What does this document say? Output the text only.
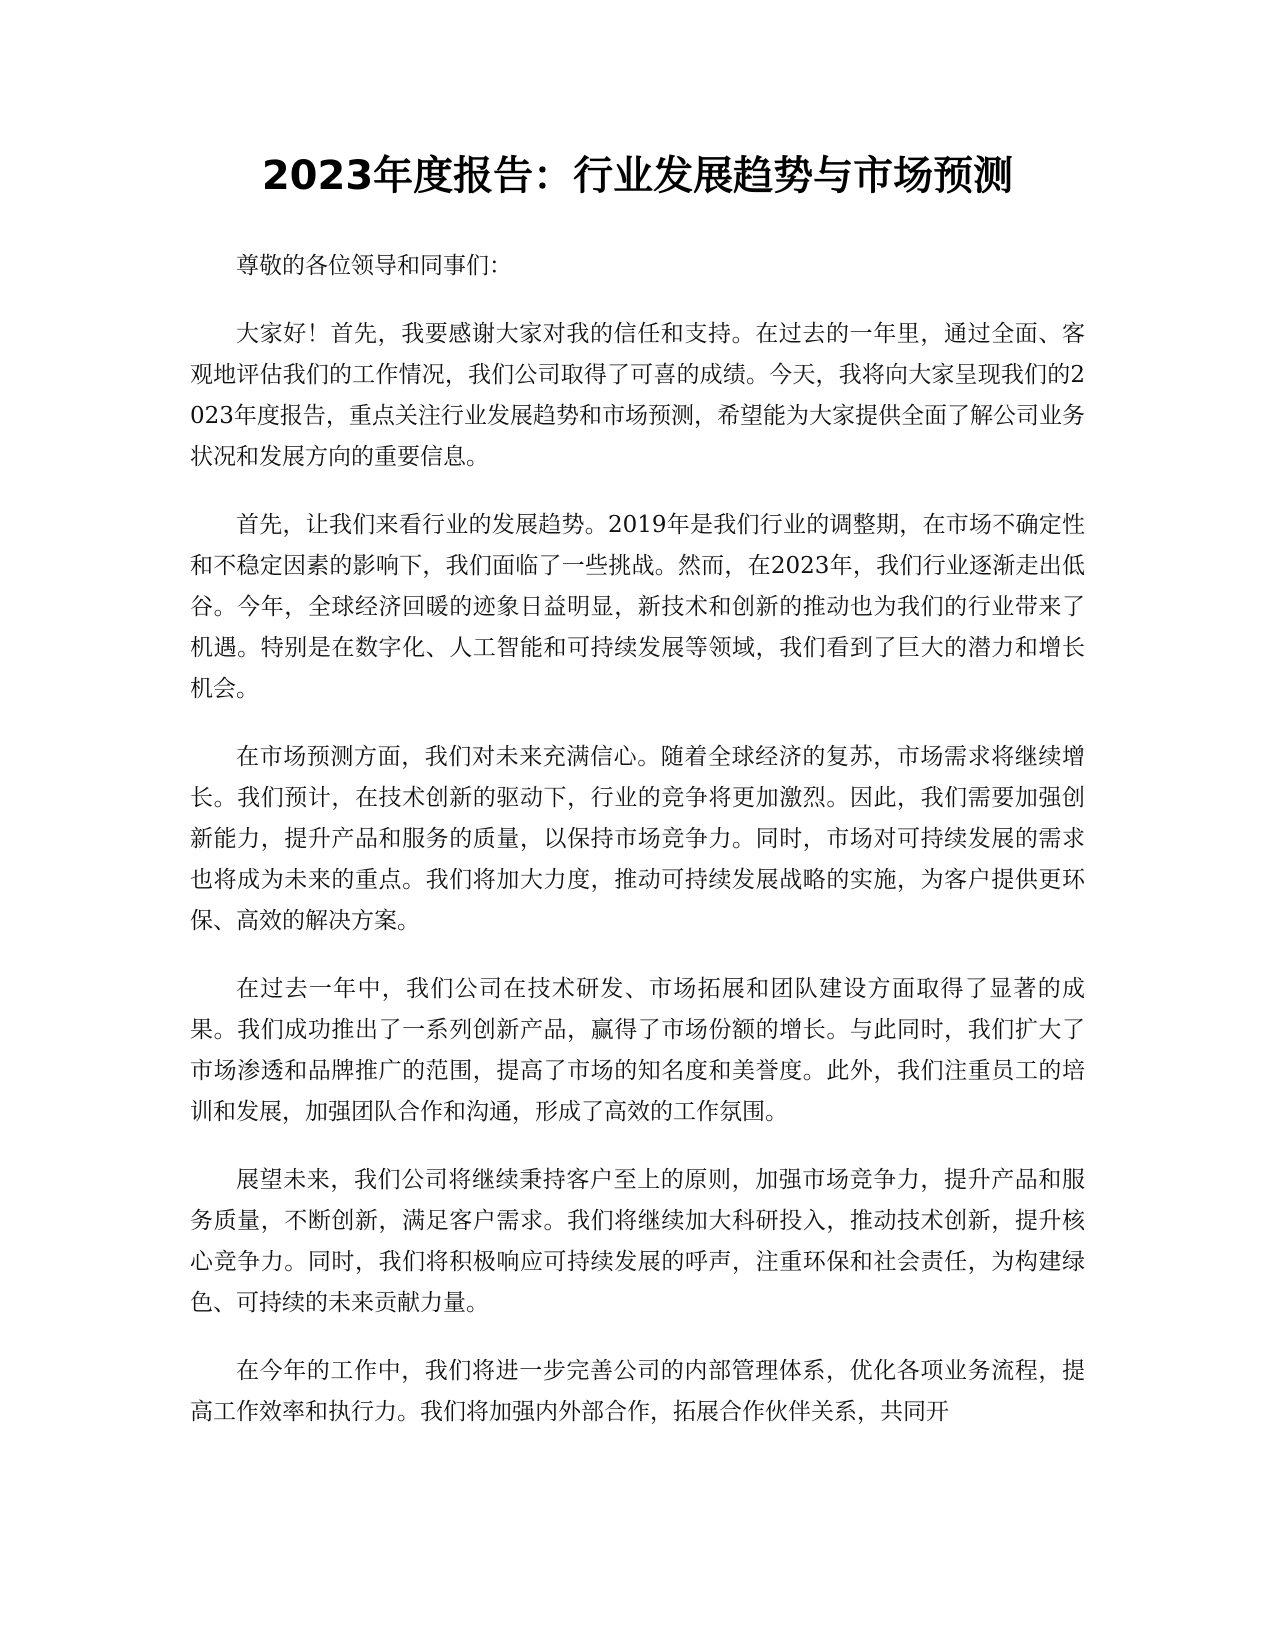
2023年度报告：行业发展趋势与市场预测

尊敬的各位领导和同事们：

大家好！首先，我要感谢大家对我的信任和支持。在过去的一年里，通过全面、客观地评估我们的工作情况，我们公司取得了可喜的成绩。今天，我将向大家呈现我们的2023年度报告，重点关注行业发展趋势和市场预测，希望能为大家提供全面了解公司业务状况和发展方向的重要信息。

首先，让我们来看行业的发展趋势。2019年是我们行业的调整期，在市场不确定性和不稳定因素的影响下，我们面临了一些挑战。然而，在2023年，我们行业逐渐走出低谷。今年，全球经济回暖的迹象日益明显，新技术和创新的推动也为我们的行业带来了机遇。特别是在数字化、人工智能和可持续发展等领域，我们看到了巨大的潜力和增长机会。

在市场预测方面，我们对未来充满信心。随着全球经济的复苏，市场需求将继续增长。我们预计，在技术创新的驱动下，行业的竞争将更加激烈。因此，我们需要加强创新能力，提升产品和服务的质量，以保持市场竞争力。同时，市场对可持续发展的需求也将成为未来的重点。我们将加大力度，推动可持续发展战略的实施，为客户提供更环保、高效的解决方案。

在过去一年中，我们公司在技术研发、市场拓展和团队建设方面取得了显著的成果。我们成功推出了一系列创新产品，赢得了市场份额的增长。与此同时，我们扩大了市场渗透和品牌推广的范围，提高了市场的知名度和美誉度。此外，我们注重员工的培训和发展，加强团队合作和沟通，形成了高效的工作氛围。

展望未来，我们公司将继续秉持客户至上的原则，加强市场竞争力，提升产品和服务质量，不断创新，满足客户需求。我们将继续加大科研投入，推动技术创新，提升核心竞争力。同时，我们将积极响应可持续发展的呼声，注重环保和社会责任，为构建绿色、可持续的未来贡献力量。

在今年的工作中，我们将进一步完善公司的内部管理体系，优化各项业务流程，提高工作效率和执行力。我们将加强内外部合作，拓展合作伙伴关系，共同开
